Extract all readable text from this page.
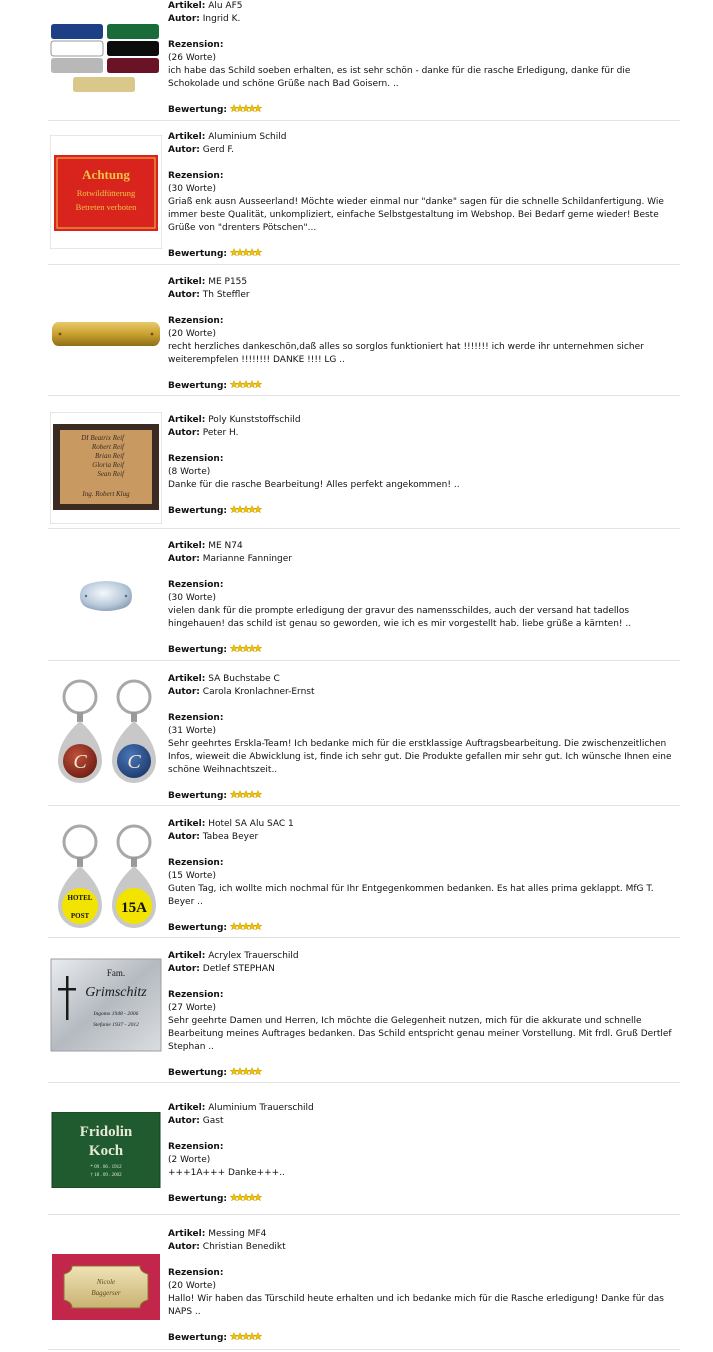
Artikel: Alu AF5
Autor: Ingrid K.
Rezension:
(26 Worte)
ich habe das Schild soeben erhalten, es ist sehr schön - danke für die rasche Erledigung, danke für die Schokolade und schöne Grüße nach Bad Goisern. ..
Bewertung:
Achtung
Rotwildfütterung
Betreten verboten
Artikel: Aluminium Schild
Autor: Gerd F.
Rezension:
(30 Worte)
Griaß enk ausn Ausseerland! Möchte wieder einmal nur "danke" sagen für die schnelle Schildanfertigung. Wie immer beste Qualität, unkompliziert, einfache Selbstgestaltung im Webshop. Bei Bedarf gerne wieder! Beste Grüße von "drenters Pötschen"...
Bewertung:
Artikel: ME P155
Autor: Th Steffler
Rezension:
(20 Worte)
recht herzliches dankeschön,daß alles so sorglos funktioniert hat !!!!!!! ich werde ihr unternehmen sicher weiterempfelen !!!!!!!! DANKE !!!! LG ..
Bewertung:
DI Beatrix Reif
Robert Reif
Brian Reif
Gloria Reif
Sean Reif
Ing. Robert Klug
Artikel: Poly Kunststoffschild
Autor: Peter H.
Rezension:
(8 Worte)
Danke für die rasche Bearbeitung! Alles perfekt angekommen! ..
Bewertung:
Artikel: ME N74
Autor: Marianne Fanninger
Rezension:
(30 Worte)
vielen dank für die prompte erledigung der gravur des namensschildes, auch der versand hat tadellos hingehauen! das schild ist genau so geworden, wie ich es mir vorgestellt hab. liebe grüße a kärnten! ..
Bewertung:
C C
Artikel: SA Buchstabe C
Autor: Carola Kronlachner-Ernst
Rezension:
(31 Worte)
Sehr geehrtes Erskla-Team! Ich bedanke mich für die erstklassige Auftragsbearbeitung. Die zwischenzeitlichen Infos, wieweit die Abwicklung ist, finde ich sehr gut. Die Produkte gefallen mir sehr gut. Ich wünsche Ihnen eine schöne Weihnachtszeit..
Bewertung:
HOTEL
POST 15A
Artikel: Hotel SA Alu SAC 1
Autor: Tabea Beyer
Rezension:
(15 Worte)
Guten Tag, ich wollte mich nochmal für Ihr Entgegenkommen bedanken. Es hat alles prima geklappt. MfG T. Beyer ..
Bewertung:
Fam.
Grimschitz
Ingomo 1948 - 2006
Stefanie 1937 - 2012
Artikel: Acrylex Trauerschild
Autor: Detlef STEPHAN
Rezension:
(27 Worte)
Sehr geehrte Damen und Herren, Ich möchte die Gelegenheit nutzen, mich für die akkurate und schnelle Bearbeitung meines Auftrages bedanken. Das Schild entspricht genau meiner Vorstellung. Mit frdl. Gruß Dertlef Stephan ..
Bewertung:
Fridolin
Koch
* 09 . 06 . 1912
† 18 . 09 . 2002
Artikel: Aluminium Trauerschild
Autor: Gast
Rezension:
(2 Worte)
+++1A+++ Danke+++..
Bewertung:
Nicole
Baggerser
Artikel: Messing MF4
Autor: Christian Benedikt
Rezension:
(20 Worte)
Hallo! Wir haben das Türschild heute erhalten und ich bedanke mich für die Rasche erledigung! Danke für das NAPS ..
Bewertung:
